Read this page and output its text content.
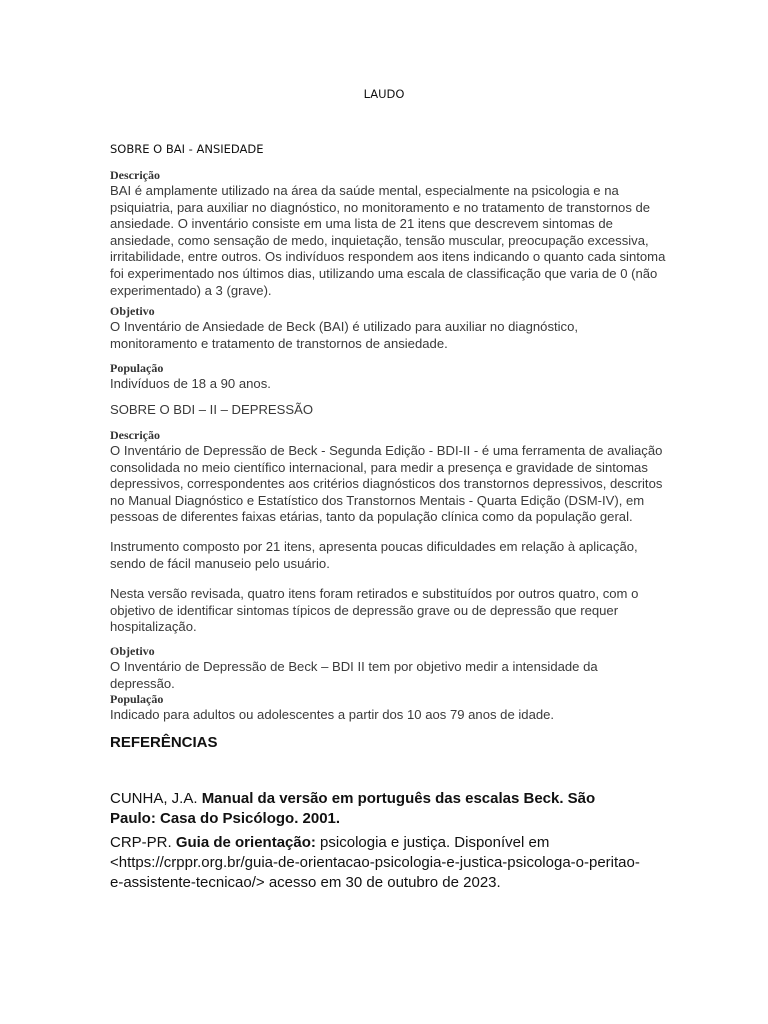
LAUDO
SOBRE O BAI - ANSIEDADE
Descrição
BAI é amplamente utilizado na área da saúde mental, especialmente na psicologia e na
psiquiatria, para auxiliar no diagnóstico, no monitoramento e no tratamento de transtornos de
ansiedade. O inventário consiste em uma lista de 21 itens que descrevem sintomas de
ansiedade, como sensação de medo, inquietação, tensão muscular, preocupação excessiva,
irritabilidade, entre outros. Os indivíduos respondem aos itens indicando o quanto cada sintoma
foi experimentado nos últimos dias, utilizando uma escala de classificação que varia de 0 (não
experimentado) a 3 (grave).
Objetivo
O Inventário de Ansiedade de Beck (BAI) é utilizado para auxiliar no diagnóstico,
monitoramento e tratamento de transtornos de ansiedade.
População
Indivíduos de 18 a 90 anos.
SOBRE O BDI – II – DEPRESSÃO
Descrição
O Inventário de Depressão de Beck - Segunda Edição - BDI-II - é uma ferramenta de avaliação
consolidada no meio científico internacional, para medir a presença e gravidade de sintomas
depressivos, correspondentes aos critérios diagnósticos dos transtornos depressivos, descritos
no Manual Diagnóstico e Estatístico dos Transtornos Mentais - Quarta Edição (DSM-IV), em
pessoas de diferentes faixas etárias, tanto da população clínica como da população geral.
Instrumento composto por 21 itens, apresenta poucas dificuldades em relação à aplicação,
sendo de fácil manuseio pelo usuário.
Nesta versão revisada, quatro itens foram retirados e substituídos por outros quatro, com o
objetivo de identificar sintomas típicos de depressão grave ou de depressão que requer
hospitalização.
Objetivo
O Inventário de Depressão de Beck – BDI II tem por objetivo medir a intensidade da depressão.
População
Indicado para adultos ou adolescentes a partir dos 10 aos 79 anos de idade.
REFERÊNCIAS
CUNHA, J.A. Manual da versão em português das escalas Beck. São
Paulo: Casa do Psicólogo. 2001.
CRP-PR. Guia de orientação: psicologia e justiça. Disponível em
<https://crppr.org.br/guia-de-orientacao-psicologia-e-justica-psicologa-o-peritao-
e-assistente-tecnicao/> acesso em 30 de outubro de 2023.
